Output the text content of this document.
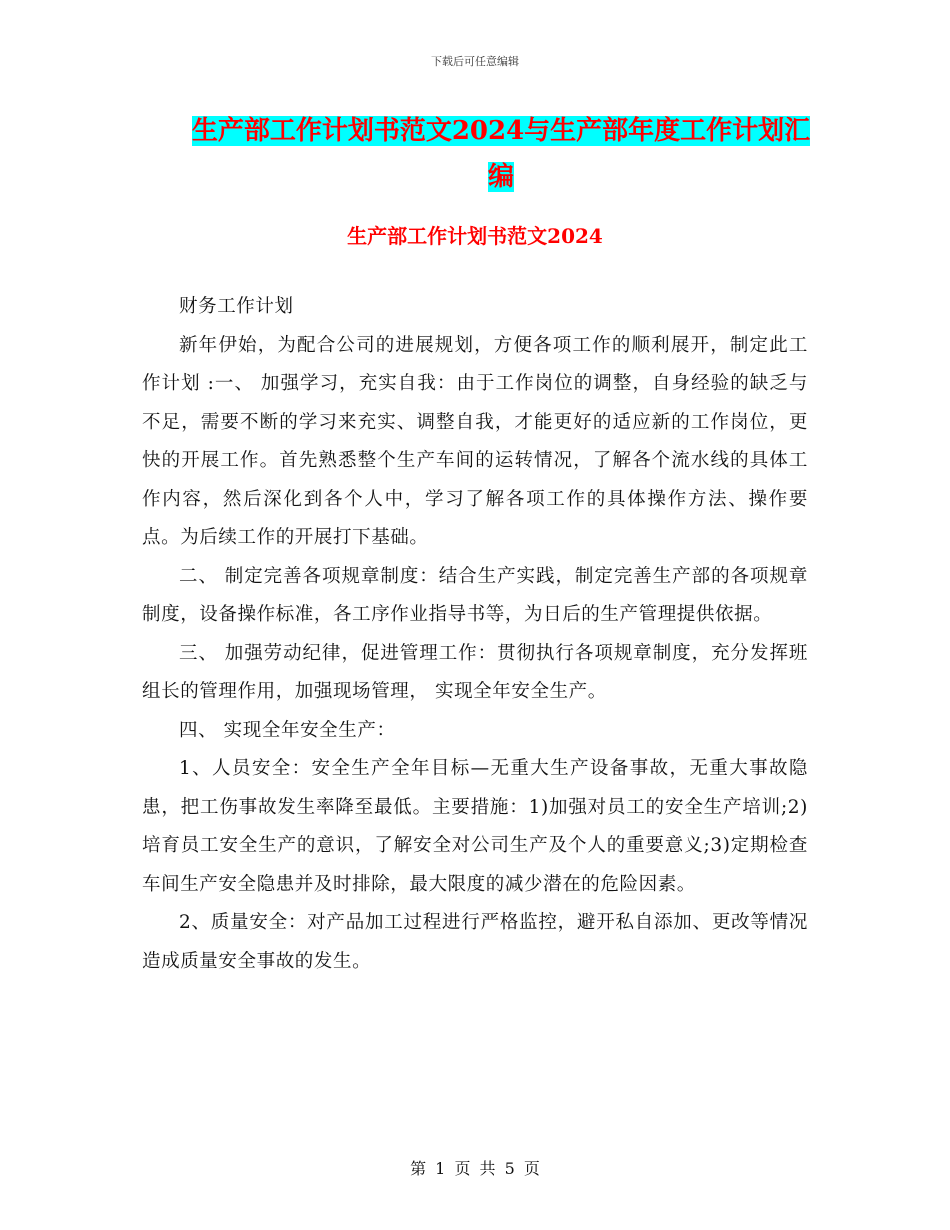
下载后可任意编辑
生产部工作计划书范文2024与生产部年度工作计划汇
编
生产部工作计划书范文2024

财务工作计划

新年伊始，为配合公司的进展规划，方便各项工作的顺利展开，制定此工作计划 :一、 加强学习，充实自我：由于工作岗位的调整，自身经验的缺乏与不足，需要不断的学习来充实、调整自我，才能更好的适应新的工作岗位，更快的开展工作。首先熟悉整个生产车间的运转情况，了解各个流水线的具体工作内容，然后深化到各个人中，学习了解各项工作的具体操作方法、操作要点。为后续工作的开展打下基础。

二、 制定完善各项规章制度：结合生产实践，制定完善生产部的各项规章制度，设备操作标准，各工序作业指导书等，为日后的生产管理提供依据。

三、 加强劳动纪律，促进管理工作：贯彻执行各项规章制度，充分发挥班组长的管理作用，加强现场管理， 实现全年安全生产。

四、 实现全年安全生产：

1、人员安全：安全生产全年目标—无重大生产设备事故，无重大事故隐患，把工伤事故发生率降至最低。主要措施：1)加强对员工的安全生产培训;2)培育员工安全生产的意识，了解安全对公司生产及个人的重要意义;3)定期检查车间生产安全隐患并及时排除，最大限度的减少潜在的危险因素。

2、质量安全：对产品加工过程进行严格监控，避开私自添加、更改等情况造成质量安全事故的发生。

第 1 页 共 5 页
